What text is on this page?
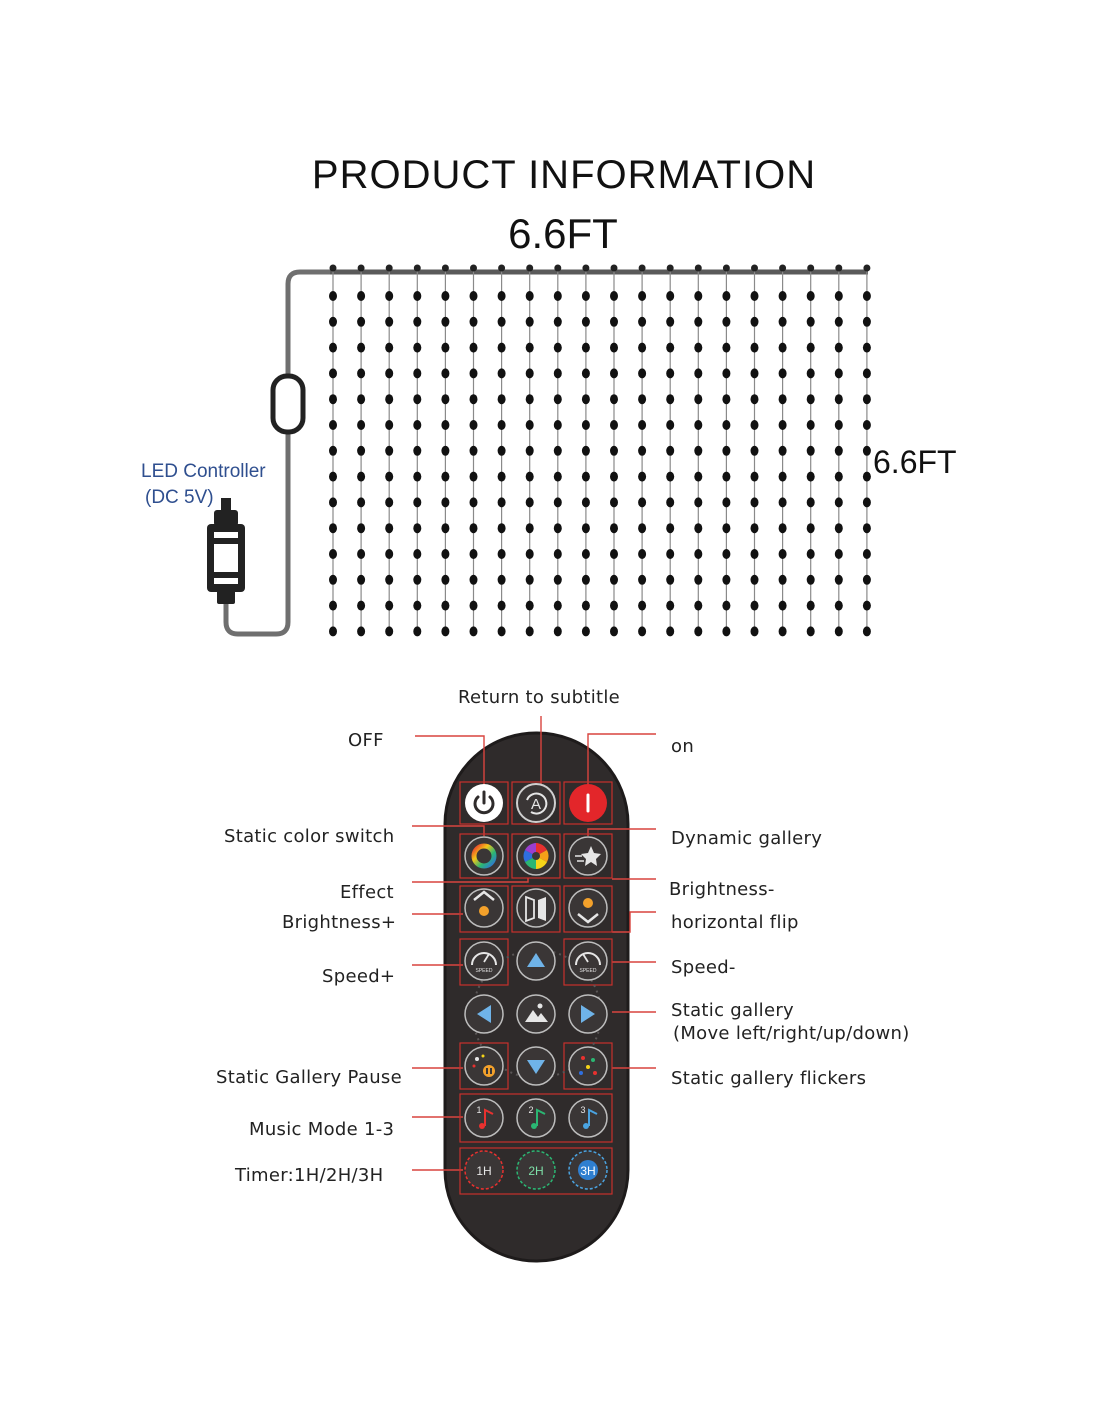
PRODUCT INFORMATION
6.6FT
6.6FT
LED Controller
(DC 5V)
A
SPEED	SPEED
1	2	3
1H	2H	3H
Return to subtitle
OFF	on
Static color switch	Dynamic gallery
Effect
Brightness+
Brightness-
horizontal flip
Speed+	Speed-
Static gallery
(Move left/right/up/down)
Static Gallery Pause	Static gallery flickers
Music Mode 1-3
Timer:1H/2H/3H
